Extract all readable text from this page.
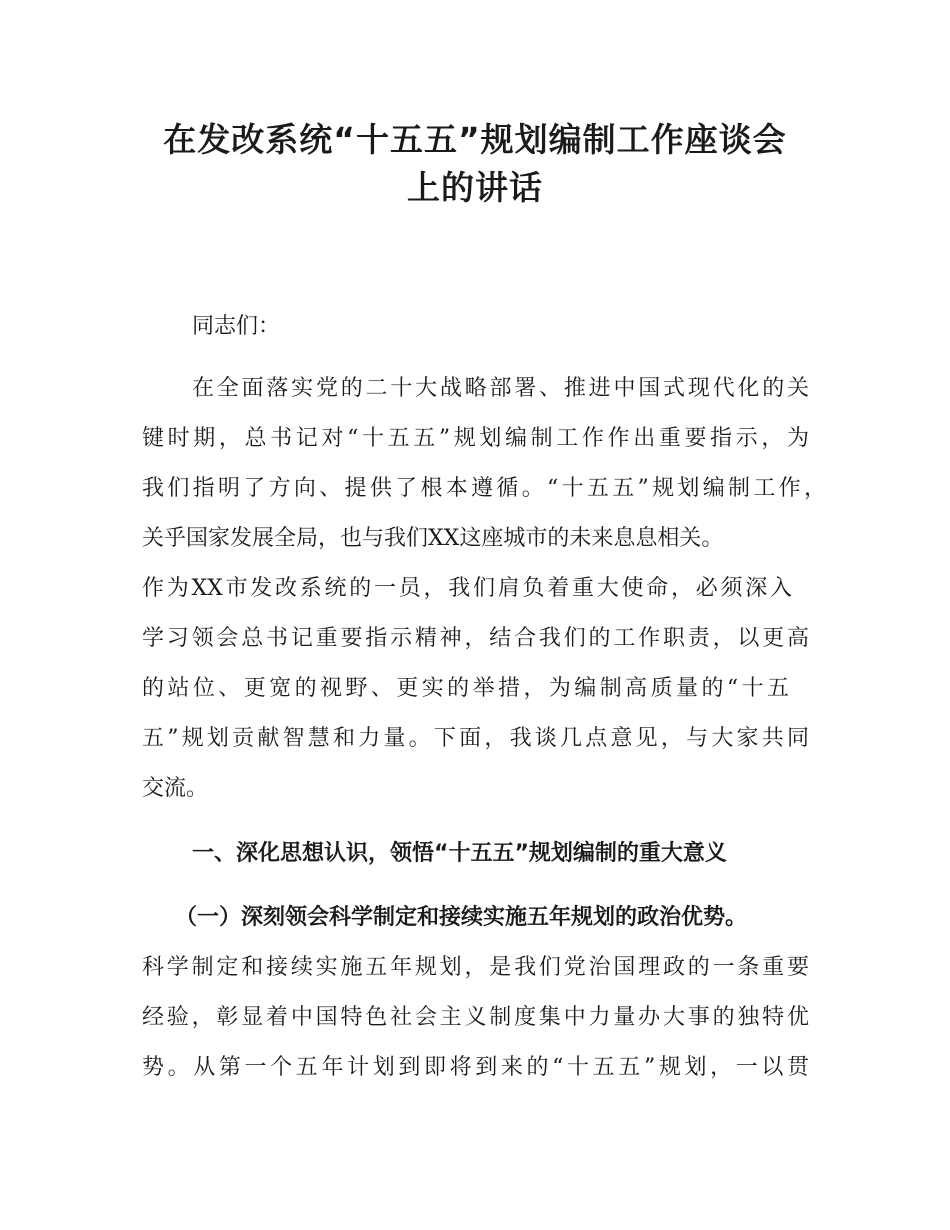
在发改系统“十五五”规划编制工作座谈会
上的讲话

同志们：

在全面落实党的二十大战略部署、推进中国式现代化的关

键时期，总书记对“十五五”规划编制工作作出重要指示，为

我们指明了方向、提供了根本遵循。“十五五”规划编制工作，

关乎国家发展全局，也与我们XX这座城市的未来息息相关。

作为XX市发改系统的一员，我们肩负着重大使命，必须深入

学习领会总书记重要指示精神，结合我们的工作职责，以更高

的站位、更宽的视野、更实的举措，为编制高质量的“十五

五”规划贡献智慧和力量。下面，我谈几点意见，与大家共同

交流。

一、深化思想认识，领悟“十五五”规划编制的重大意义

（一）深刻领会科学制定和接续实施五年规划的政治优势。

科学制定和接续实施五年规划，是我们党治国理政的一条重要

经验，彰显着中国特色社会主义制度集中力量办大事的独特优

势。从第一个五年计划到即将到来的“十五五”规划，一以贯
